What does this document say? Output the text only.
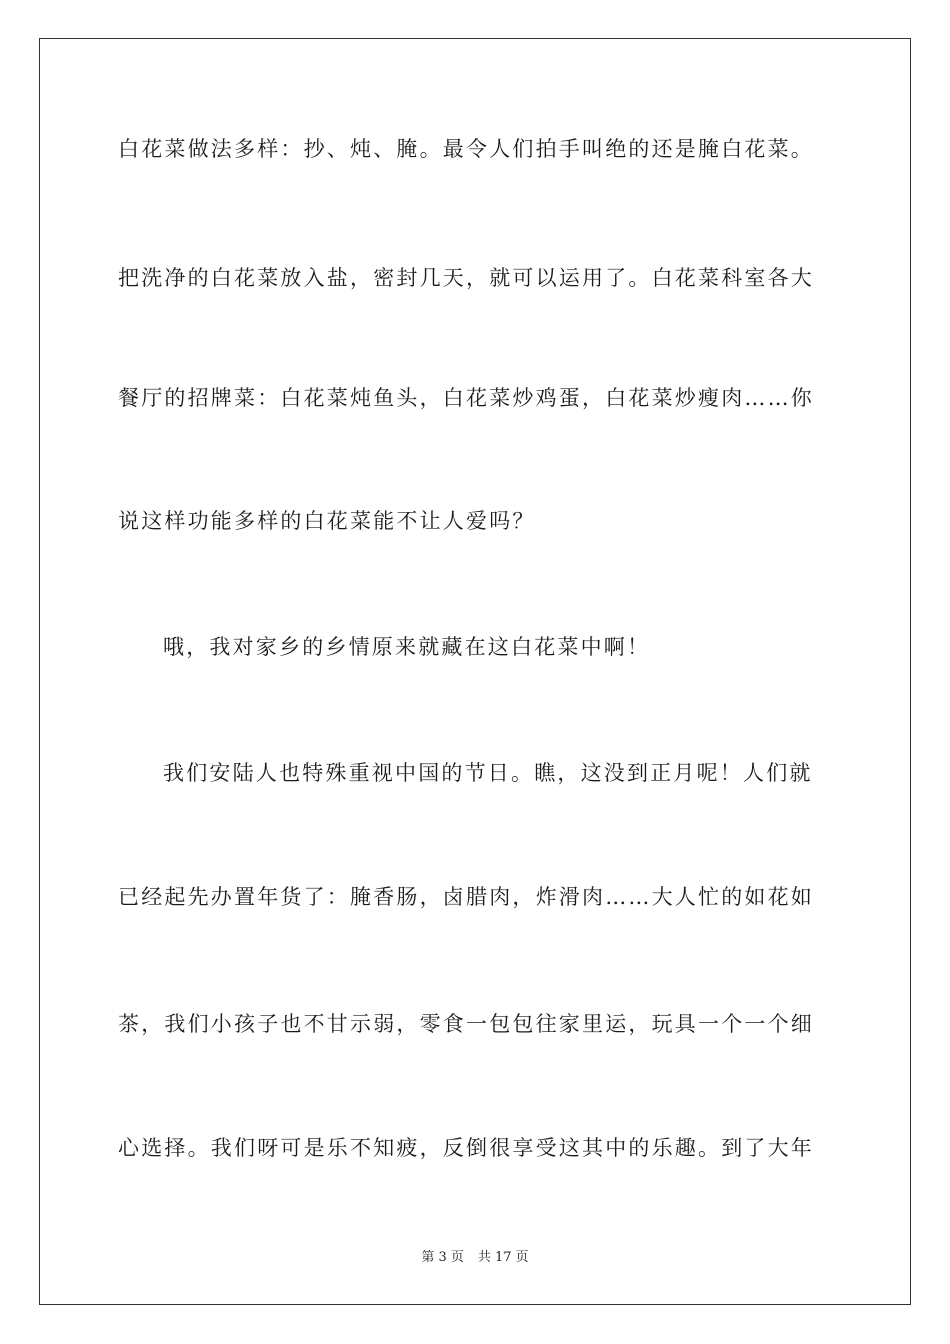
白花菜做法多样：抄、炖、腌。最令人们拍手叫绝的还是腌白花菜。
把洗净的白花菜放入盐，密封几天，就可以运用了。白花菜科室各大
餐厅的招牌菜：白花菜炖鱼头，白花菜炒鸡蛋，白花菜炒瘦肉……你
说这样功能多样的白花菜能不让人爱吗？
哦，我对家乡的乡情原来就藏在这白花菜中啊！
我们安陆人也特殊重视中国的节日。瞧，这没到正月呢！人们就
已经起先办置年货了：腌香肠，卤腊肉，炸滑肉……大人忙的如花如
茶，我们小孩子也不甘示弱，零食一包包往家里运，玩具一个一个细
心选择。我们呀可是乐不知疲，反倒很享受这其中的乐趣。到了大年
第 3 页 共 17 页
